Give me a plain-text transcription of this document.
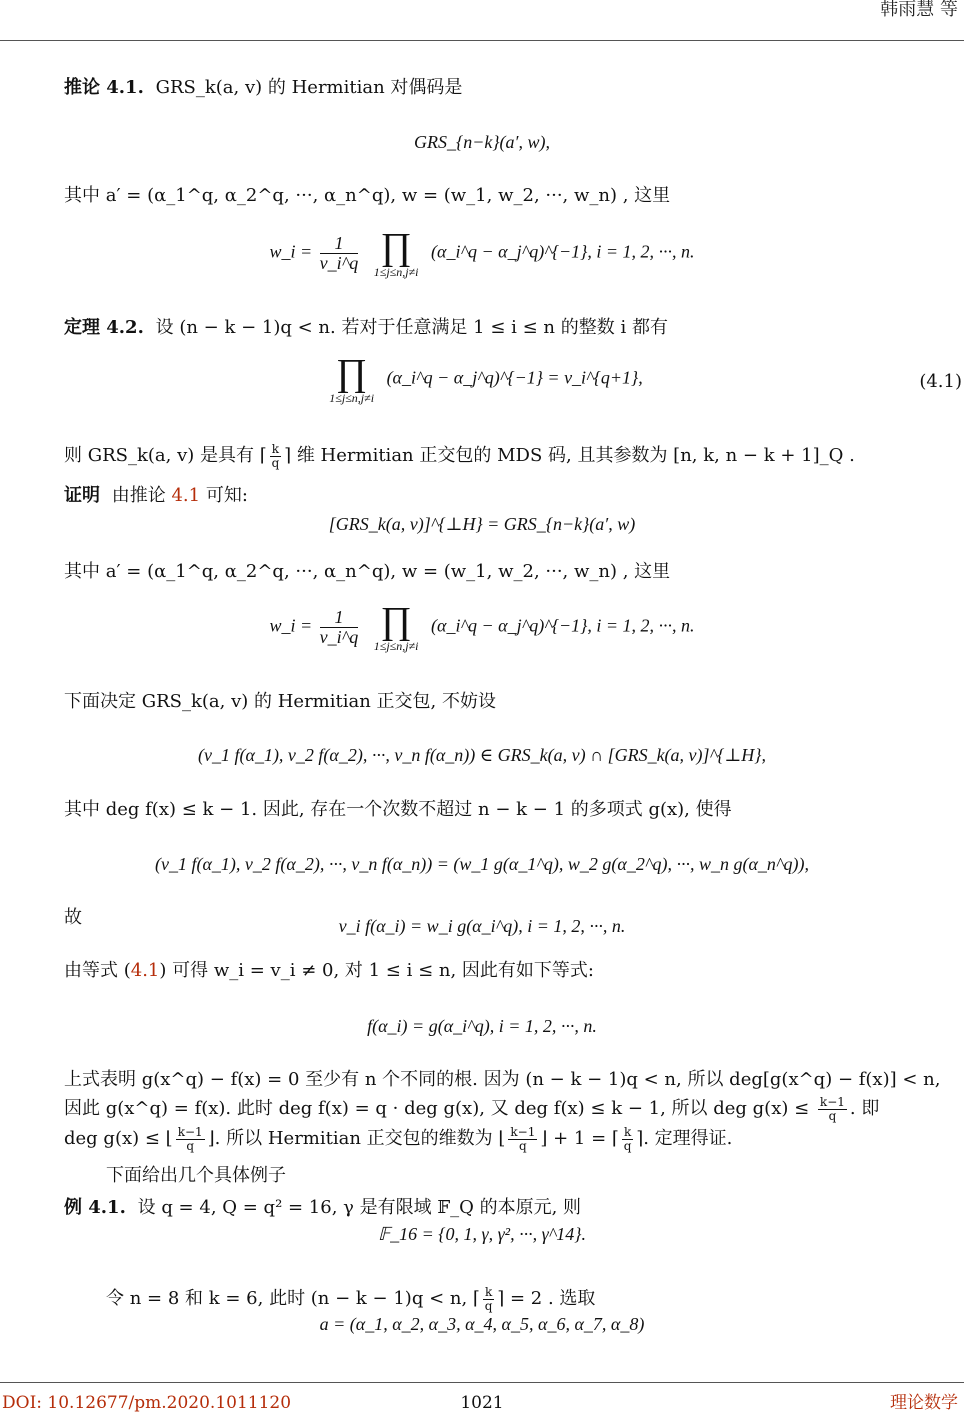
韩雨慧 等
推论 4.1. GRS_k(a, v) 的 Hermitian 对偶码是
GRS_{n−k}(a′, w),
其中 a′ = (α_1^q, α_2^q, ···, α_n^q), w = (w_1, w_2, ···, w_n) , 这里
w_i = $\frac{1}{v\_i\^{}q}$
∏
1≤j≤n,j≠i
(α_i^q − α_j^q)^{−1}, i = 1, 2, ···, n.
定理 4.2. 设 (n − k − 1)q < n. 若对于任意满足 1 ≤ i ≤ n 的整数 i 都有
∏
1≤j≤n,j≠i
(α_i^q − α_j^q)^{−1} = v_i^{q+1},	(4.1)
则 GRS_k(a, v) 是具有 ⌈ $\frac{k}{q}$ ⌉ 维 Hermitian 正交包的 MDS 码, 且其参数为 [n, k, n − k + 1]_Q .
证明 由推论 4.1 可知:
[GRS_k(a, v)]^{⊥H} = GRS_{n−k}(a′, w)
其中 a′ = (α_1^q, α_2^q, ···, α_n^q), w = (w_1, w_2, ···, w_n) , 这里
w_i = $\frac{1}{v\_i\^{}q}$
∏
1≤j≤n,j≠i
(α_i^q − α_j^q)^{−1}, i = 1, 2, ···, n.
下面决定 GRS_k(a, v) 的 Hermitian 正交包, 不妨设
(v_1 f(α_1), v_2 f(α_2), ···, v_n f(α_n)) ∈ GRS_k(a, v) ∩ [GRS_k(a, v)]^{⊥H},
其中 deg f(x) ≤ k − 1. 因此, 存在一个次数不超过 n − k − 1 的多项式 g(x), 使得
(v_1 f(α_1), v_2 f(α_2), ···, v_n f(α_n)) = (w_1 g(α_1^q), w_2 g(α_2^q), ···, w_n g(α_n^q)),
故	v_i f(α_i) = w_i g(α_i^q), i = 1, 2, ···, n.
由等式 (4.1) 可得 w_i = v_i ≠ 0, 对 1 ≤ i ≤ n, 因此有如下等式:
f(α_i) = g(α_i^q), i = 1, 2, ···, n.
上式表明 g(x^q) − f(x) = 0 至少有 n 个不同的根. 因为 (n − k − 1)q < n, 所以 deg[g(x^q) − f(x)] < n,
因此 g(x^q) = f(x). 此时 deg f(x) = q · deg g(x), 又 deg f(x) ≤ k − 1, 所以 deg $g(x) \le \frac{k-1}{q}$ . 即
deg g(x) ≤ ⌊ $\frac{k-1}{q}$ ⌋. 所以 Hermitian 正交包的维数为 ⌊ $\frac{k-1}{q}$ ⌋ + 1 = ⌈ $\frac{k}{q}$ ⌉. 定理得证.
下面给出几个具体例子
例 4.1. 设 q = 4, Q = q² = 16, γ 是有限域 𝔽_Q 的本原元, 则
𝔽_16 = {0, 1, γ, γ², ···, γ^14}.
令 n = 8 和 k = 6, 此时 (n − k − 1)q < n, ⌈ $\frac{k}{q}$ ⌉ = 2 . 选取
a = (α_1, α_2, α_3, α_4, α_5, α_6, α_7, α_8)
DOI: 10.12677/pm.2020.1011120	1021	理论数学
